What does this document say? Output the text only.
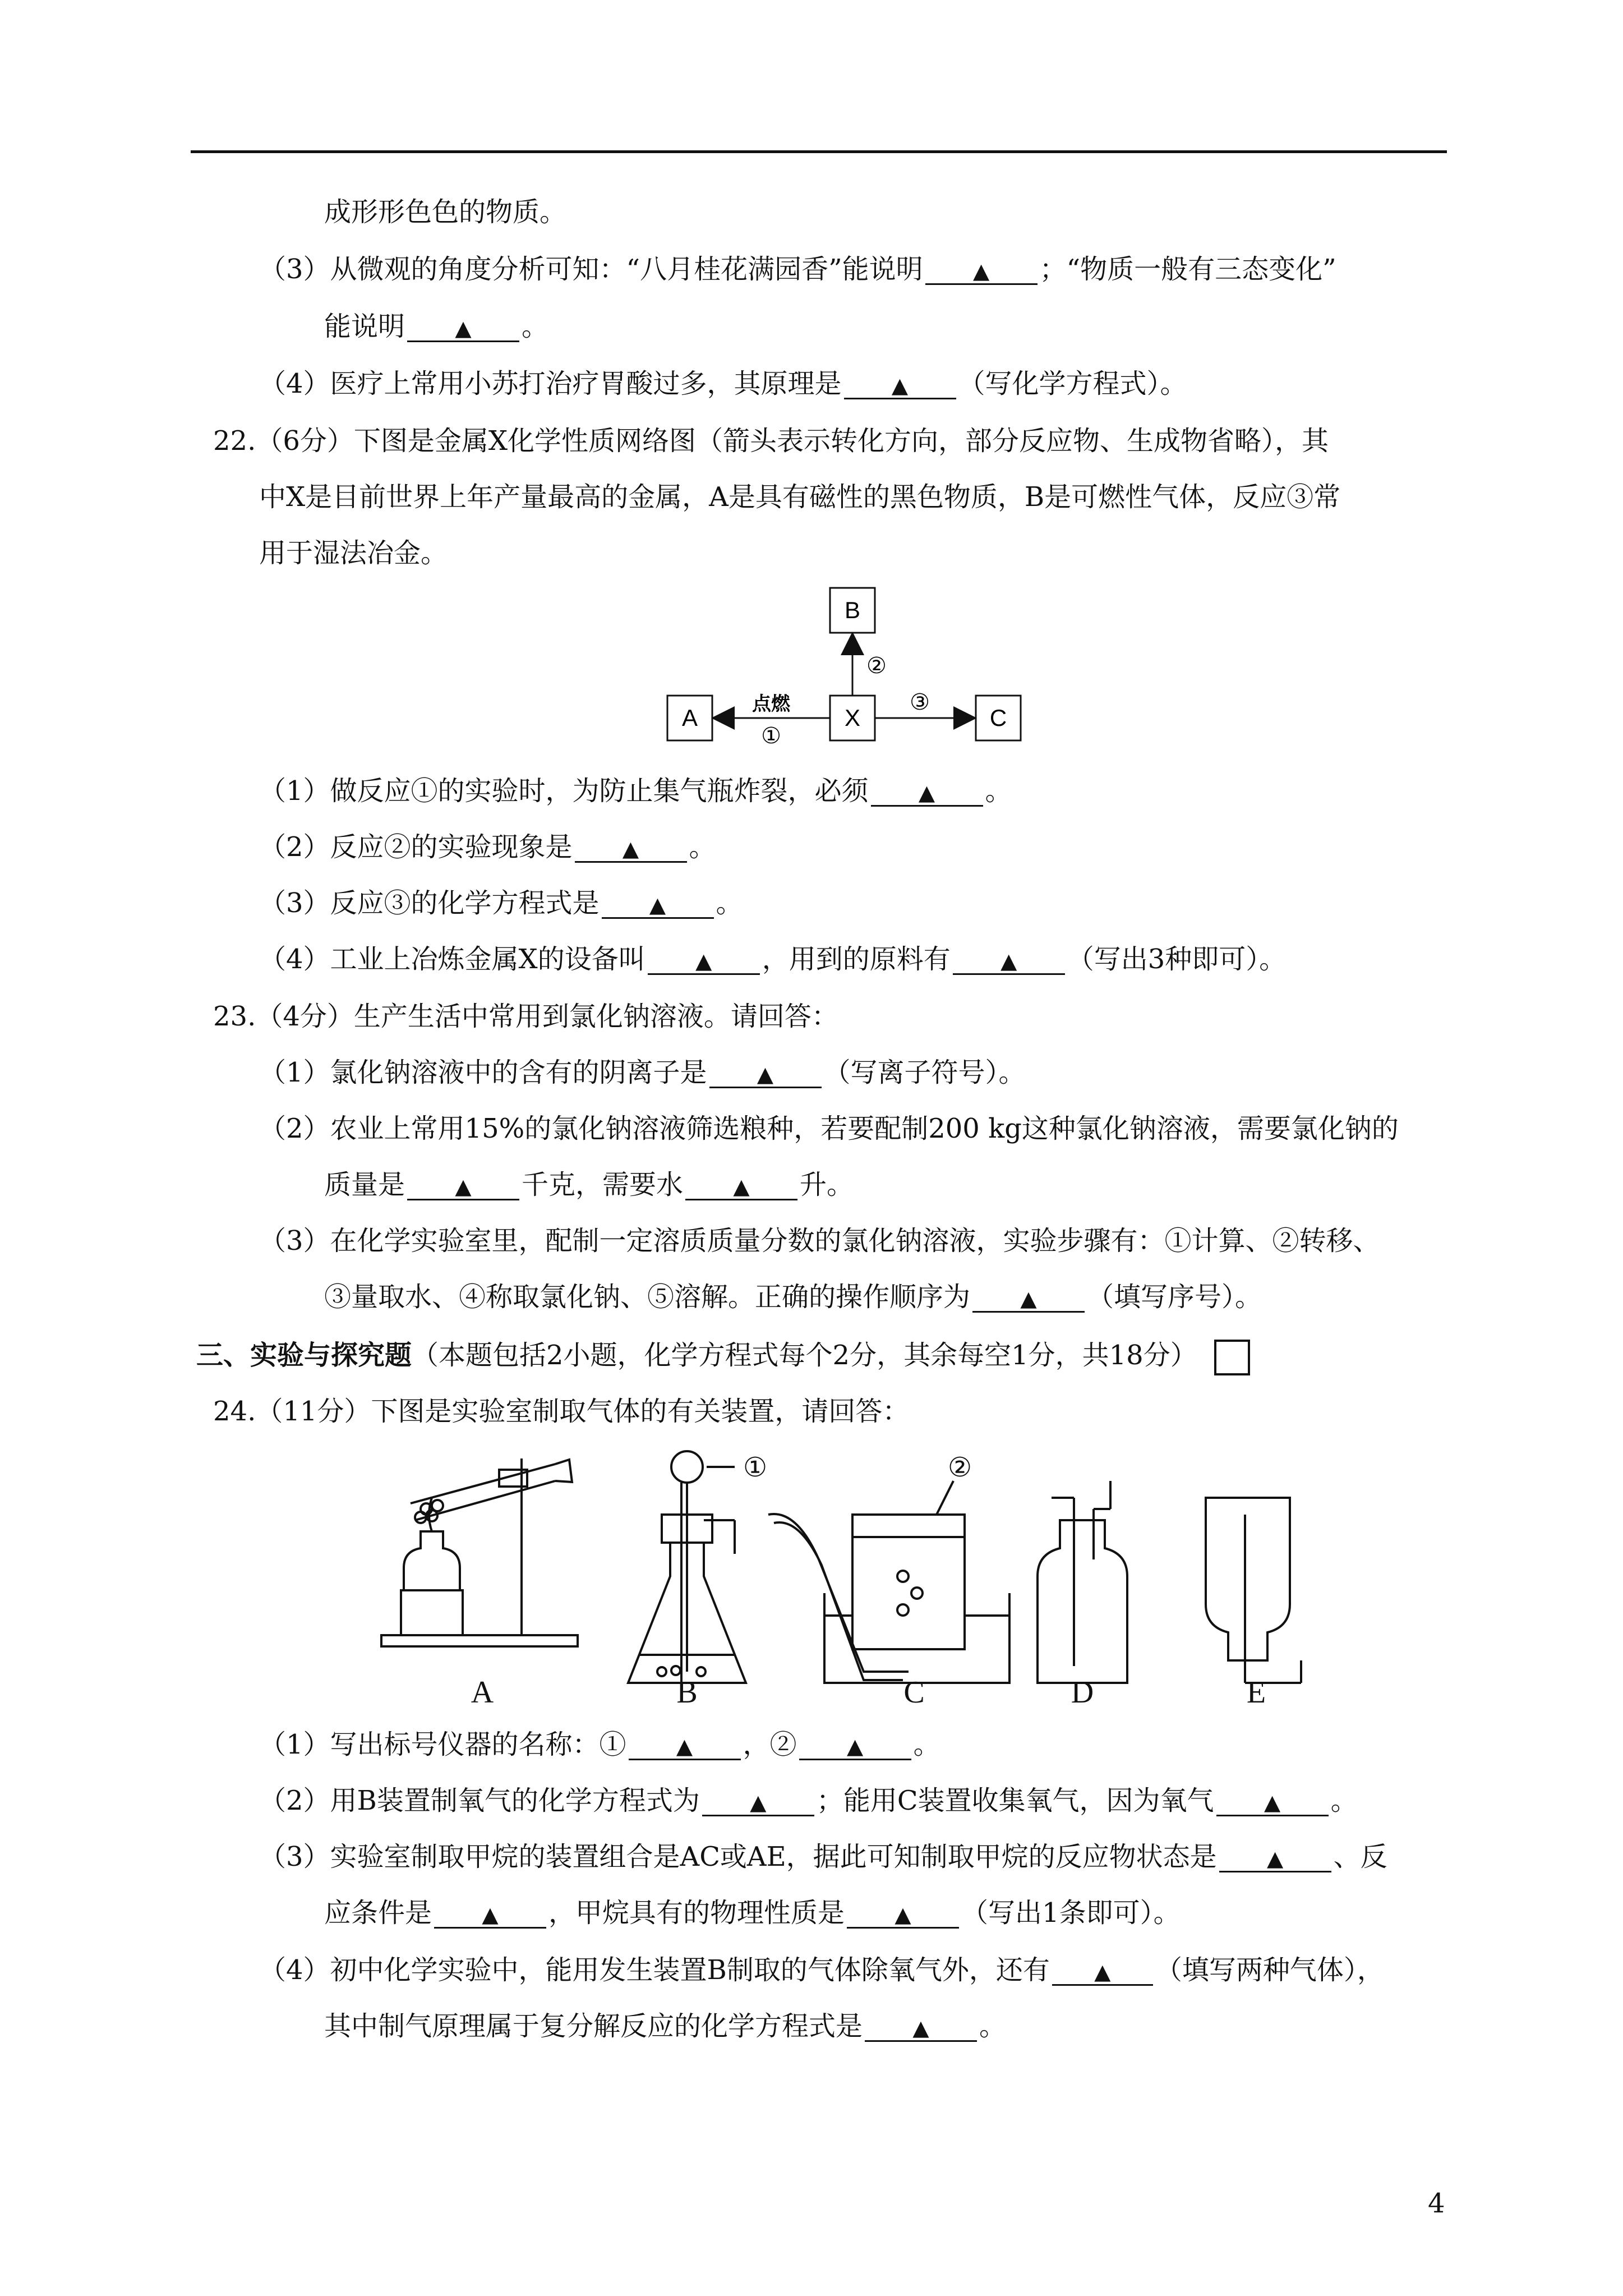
成形形色色的物质。
（3）从微观的角度分析可知：“八月桂花满园香”能说明 ▲ ；“物质一般有三态变化”
能说明 ▲ 。
（4）医疗上常用小苏打治疗胃酸过多，其原理是 ▲ （写化学方程式）。
22.（6分）下图是金属X化学性质网络图（箭头表示转化方向，部分反应物、生成物省略），其
中X是目前世界上年产量最高的金属，A是具有磁性的黑色物质，B是可燃性气体，反应③常
用于湿法冶金。
B
X
A	C
②
点燃
①
③
（1）做反应①的实验时，为防止集气瓶炸裂，必须 ▲ 。
（2）反应②的实验现象是 ▲ 。
（3）反应③的化学方程式是 ▲ 。
（4）工业上冶炼金属X的设备叫 ▲ ，用到的原料有 ▲ （写出3种即可）。
23.（4分）生产生活中常用到氯化钠溶液。请回答：
（1）氯化钠溶液中的含有的阴离子是 ▲ （写离子符号）。
（2）农业上常用15%的氯化钠溶液筛选粮种，若要配制200 kg这种氯化钠溶液，需要氯化钠的
质量是 ▲ 千克，需要水 ▲ 升。
（3）在化学实验室里，配制一定溶质质量分数的氯化钠溶液，实验步骤有：①计算、②转移、
③量取水、④称取氯化钠、⑤溶解。正确的操作顺序为 ▲ （填写序号）。
三、实验与探究题（本题包括2小题，化学方程式每个2分，其余每空1分，共18分）
24.（11分）下图是实验室制取气体的有关装置，请回答：
A	B	C	D	E
①	②
（1）写出标号仪器的名称：① ▲ ，② ▲ 。
（2）用B装置制氧气的化学方程式为 ▲ ；能用C装置收集氧气，因为氧气 ▲ 。
（3）实验室制取甲烷的装置组合是AC或AE，据此可知制取甲烷的反应物状态是 ▲ 、反
应条件是 ▲ ，甲烷具有的物理性质是 ▲ （写出1条即可）。
（4）初中化学实验中，能用发生装置B制取的气体除氧气外，还有 ▲ （填写两种气体），
其中制气原理属于复分解反应的化学方程式是 ▲ 。
4
